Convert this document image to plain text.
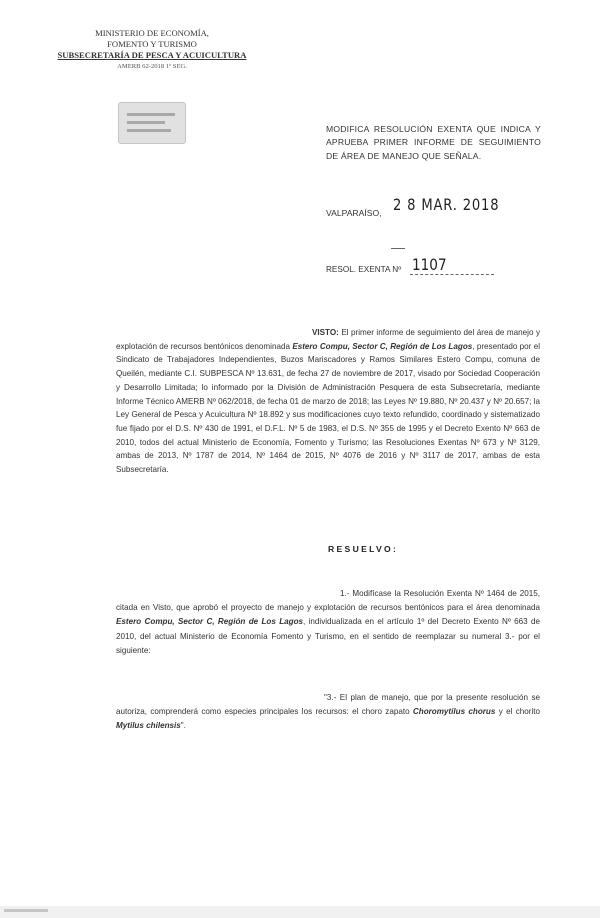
MINISTERIO DE ECONOMÍA,
FOMENTO Y TURISMO
SUBSECRETARÍA DE PESCA Y ACUICULTURA
AMERB 62-2018 1º SEG.
MODIFICA RESOLUCIÓN EXENTA QUE INDICA Y APRUEBA PRIMER INFORME DE SEGUIMIENTO DE ÁREA DE MANEJO QUE SEÑALA.
VALPARAÍSO, 2 8 MAR. 2018
RESOL. EXENTA Nº 1107
VISTO: El primer informe de seguimiento del área de manejo y explotación de recursos bentónicos denominada Estero Compu, Sector C, Región de Los Lagos, presentado por el Sindicato de Trabajadores Independientes, Buzos Mariscadores y Ramos Similares Estero Compu, comuna de Queilén, mediante C.I. SUBPESCA Nº 13.631, de fecha 27 de noviembre de 2017, visado por Sociedad Cooperación y Desarrollo Limitada; lo informado por la División de Administración Pesquera de esta Subsecretaría, mediante Informe Técnico AMERB Nº 062/2018, de fecha 01 de marzo de 2018; las Leyes Nº 19.880, Nº 20.437 y Nº 20.657; la Ley General de Pesca y Acuicultura Nº 18.892 y sus modificaciones cuyo texto refundido, coordinado y sistematizado fue fijado por el D.S. Nº 430 de 1991, el D.F.L. Nº 5 de 1983, el D.S. Nº 355 de 1995 y el Decreto Exento Nº 663 de 2010, todos del actual Ministerio de Economía, Fomento y Turismo; las Resoluciones Exentas Nº 673 y Nº 3129, ambas de 2013, Nº 1787 de 2014, Nº 1464 de 2015, Nº 4076 de 2016 y Nº 3117 de 2017, ambas de esta Subsecretaría.
RESUELVO:
1.- Modifícase la Resolución Exenta Nº 1464 de 2015, citada en Visto, que aprobó el proyecto de manejo y explotación de recursos bentónicos para el área denominada Estero Compu, Sector C, Región de Los Lagos, individualizada en el artículo 1º del Decreto Exento Nº 663 de 2010, del actual Ministerio de Economía Fomento y Turismo, en el sentido de reemplazar su numeral 3.- por el siguiente:
"3.- El plan de manejo, que por la presente resolución se autoriza, comprenderá como especies principales los recursos: el choro zapato Choromytilus chorus y el chorito Mytilus chilensis".
